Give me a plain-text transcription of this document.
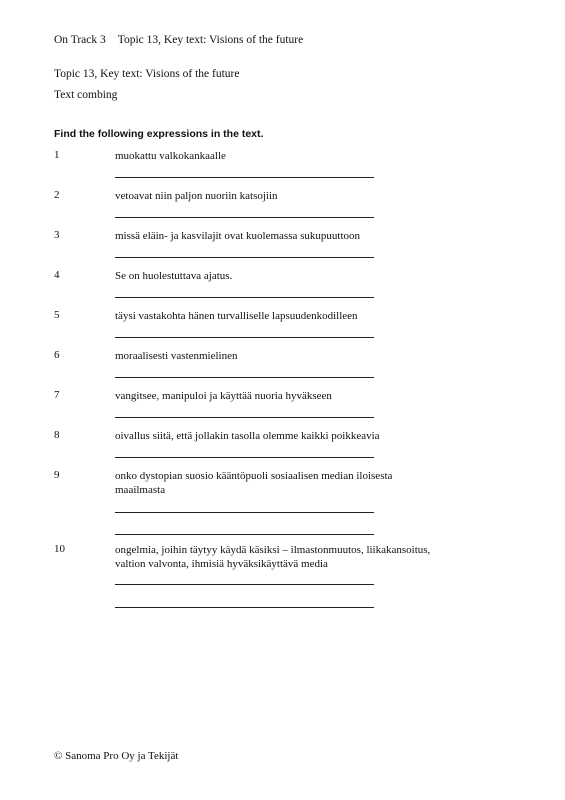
On Track 3 Topic 13, Key text: Visions of the future
Topic 13, Key text: Visions of the future
Text combing
Find the following expressions in the text.
1	muokattu valkokankaalle
2	vetoavat niin paljon nuoriin katsojiin
3	missä eläin- ja kasvilajit ovat kuolemassa sukupuuttoon
4	Se on huolestuttava ajatus.
5	täysi vastakohta hänen turvalliselle lapsuudenkodilleen
6	moraalisesti vastenmielinen
7	vangitsee, manipuloi ja käyttää nuoria hyväkseen
8	oivallus siitä, että jollakin tasolla olemme kaikki poikkeavia
9	onko dystopian suosio kääntöpuoli sosiaalisen median iloisesta maailmasta
10	ongelmia, joihin täytyy käydä käsiksi – ilmastonmuutos, liikakansoitus, valtion valvonta, ihmisiä hyväksikäyttävä media
© Sanoma Pro Oy ja Tekijät
